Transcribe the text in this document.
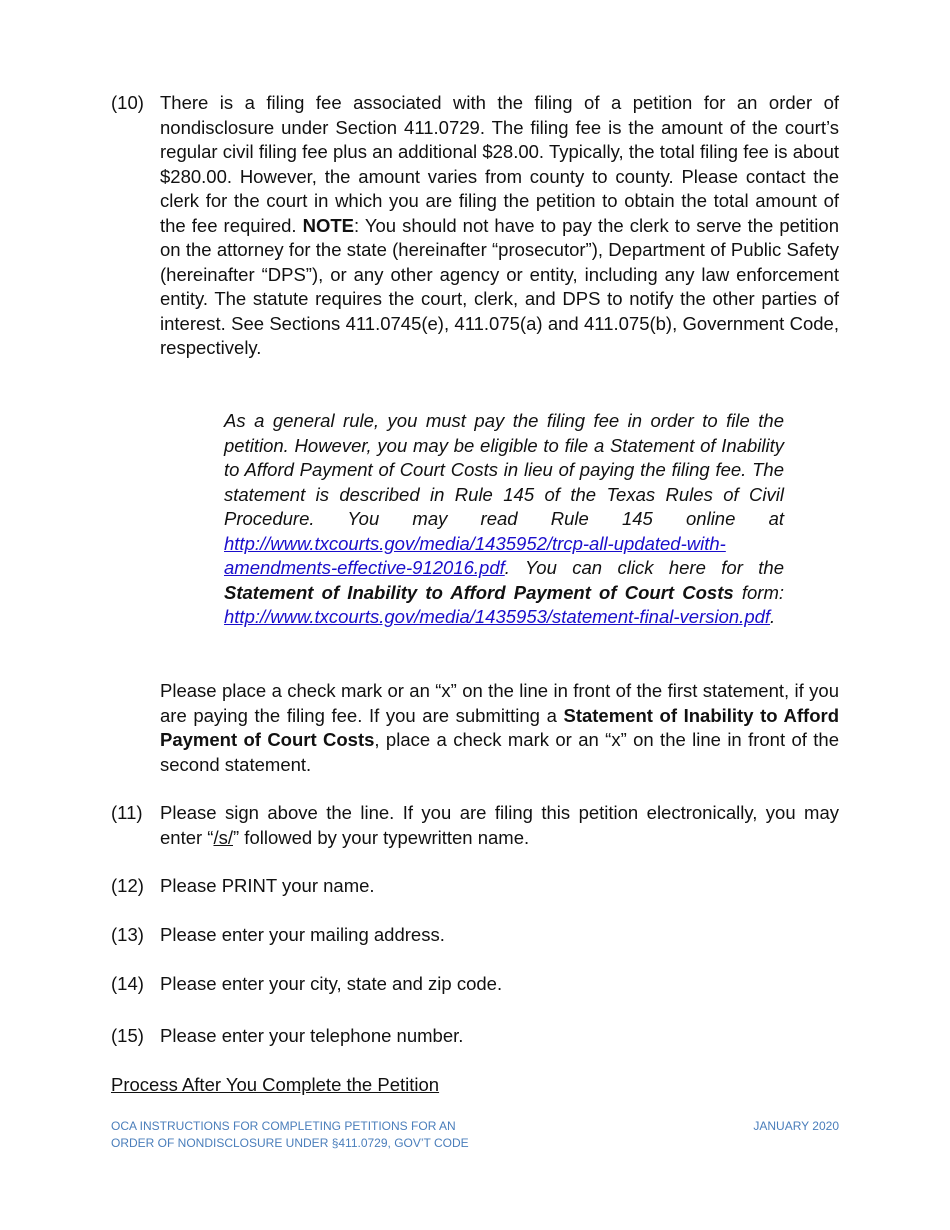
(10) There is a filing fee associated with the filing of a petition for an order of nondisclosure under Section 411.0729. The filing fee is the amount of the court’s regular civil filing fee plus an additional $28.00. Typically, the total filing fee is about $280.00. However, the amount varies from county to county. Please contact the clerk for the court in which you are filing the petition to obtain the total amount of the fee required. NOTE: You should not have to pay the clerk to serve the petition on the attorney for the state (hereinafter “prosecutor”), Department of Public Safety (hereinafter “DPS”), or any other agency or entity, including any law enforcement entity. The statute requires the court, clerk, and DPS to notify the other parties of interest. See Sections 411.0745(e), 411.075(a) and 411.075(b), Government Code, respectively.
As a general rule, you must pay the filing fee in order to file the petition. However, you may be eligible to file a Statement of Inability to Afford Payment of Court Costs in lieu of paying the filing fee. The statement is described in Rule 145 of the Texas Rules of Civil Procedure. You may read Rule 145 online at http://www.txcourts.gov/media/1435952/trcp-all-updated-with-amendments-effective-912016.pdf. You can click here for the Statement of Inability to Afford Payment of Court Costs form: http://www.txcourts.gov/media/1435953/statement-final-version.pdf.
Please place a check mark or an “x” on the line in front of the first statement, if you are paying the filing fee. If you are submitting a Statement of Inability to Afford Payment of Court Costs, place a check mark or an “x” on the line in front of the second statement.
(11) Please sign above the line. If you are filing this petition electronically, you may enter “/s/” followed by your typewritten name.
(12) Please PRINT your name.
(13) Please enter your mailing address.
(14) Please enter your city, state and zip code.
(15) Please enter your telephone number.
Process After You Complete the Petition
OCA INSTRUCTIONS FOR COMPLETING PETITIONS FOR AN
ORDER OF NONDISCLOSURE UNDER §411.0729, GOV’T CODE
JANUARY 2020
